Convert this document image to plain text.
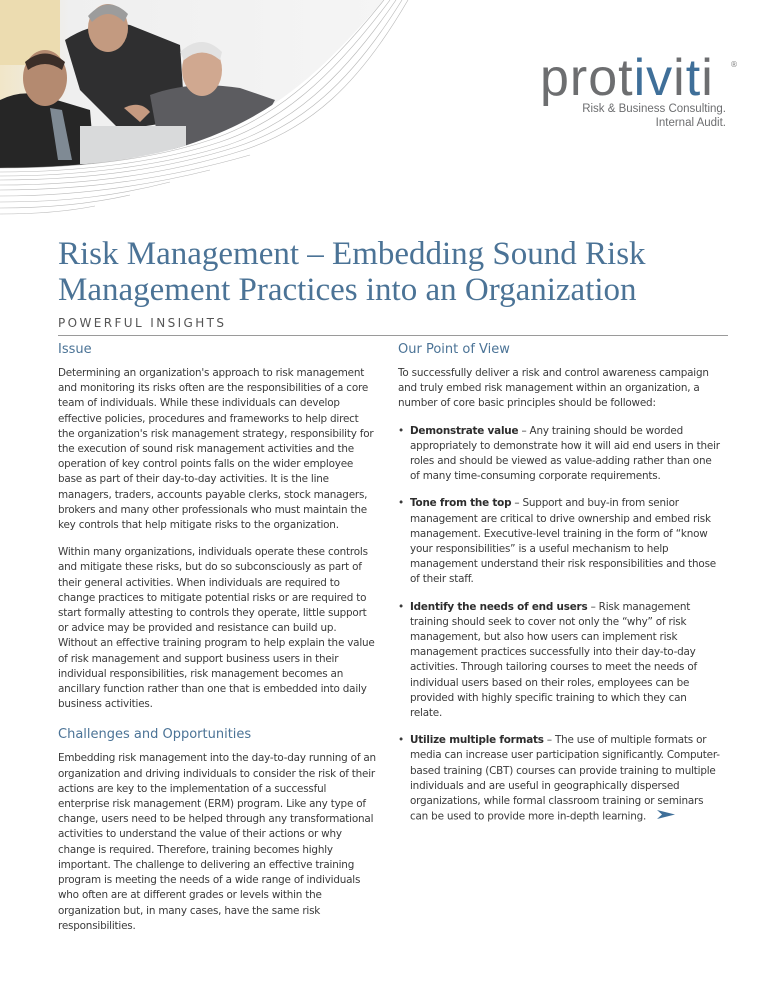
protiviti	®
Risk & Business Consulting.
Internal Audit.
Risk Management – Embedding Sound Risk Management Practices into an Organization
POWERFUL INSIGHTS
Issue

Determining an organization's approach to risk management and monitoring its risks often are the responsibilities of a core team of individuals. While these individuals can develop effective policies, procedures and frameworks to help direct the organization's risk management strategy, responsibility for the execution of sound risk management activities and the operation of key control points falls on the wider employee base as part of their day-to-day activities. It is the line managers, traders, accounts payable clerks, stock managers, brokers and many other professionals who must maintain the key controls that help mitigate risks to the organization.

Within many organizations, individuals operate these controls and mitigate these risks, but do so subconsciously as part of their general activities. When individuals are required to change practices to mitigate potential risks or are required to start formally attesting to controls they operate, little support or advice may be provided and resistance can build up. Without an effective training program to help explain the value of risk management and support business users in their individual responsibilities, risk management becomes an ancillary function rather than one that is embedded into daily business activities.

Challenges and Opportunities

Embedding risk management into the day-to-day running of an organization and driving individuals to consider the risk of their actions are key to the implementation of a successful enterprise risk management (ERM) program. Like any type of change, users need to be helped through any transformational activities to understand the value of their actions or why change is required. Therefore, training becomes highly important. The challenge to delivering an effective training program is meeting the needs of a wide range of individuals who often are at different grades or levels within the organization but, in many cases, have the same risk responsibilities.

Our Point of View

To successfully deliver a risk and control awareness campaign and truly embed risk management within an organization, a number of core basic principles should be followed:

• Demonstrate value – Any training should be worded appropriately to demonstrate how it will aid end users in their roles and should be viewed as value-adding rather than one of many time-consuming corporate requirements.
• Tone from the top – Support and buy-in from senior management are critical to drive ownership and embed risk management. Executive-level training in the form of “know your responsibilities” is a useful mechanism to help management understand their risk responsibilities and those of their staff.
• Identify the needs of end users – Risk management training should seek to cover not only the “why” of risk management, but also how users can implement risk management practices successfully into their day-to-day activities. Through tailoring courses to meet the needs of individual users based on their roles, employees can be provided with highly specific training to which they can relate.
• Utilize multiple formats – The use of multiple formats or media can increase user participation significantly. Computer-based training (CBT) courses can provide training to multiple individuals and are useful in geographically dispersed organizations, while formal classroom training or seminars can be used to provide more in-depth learning.
